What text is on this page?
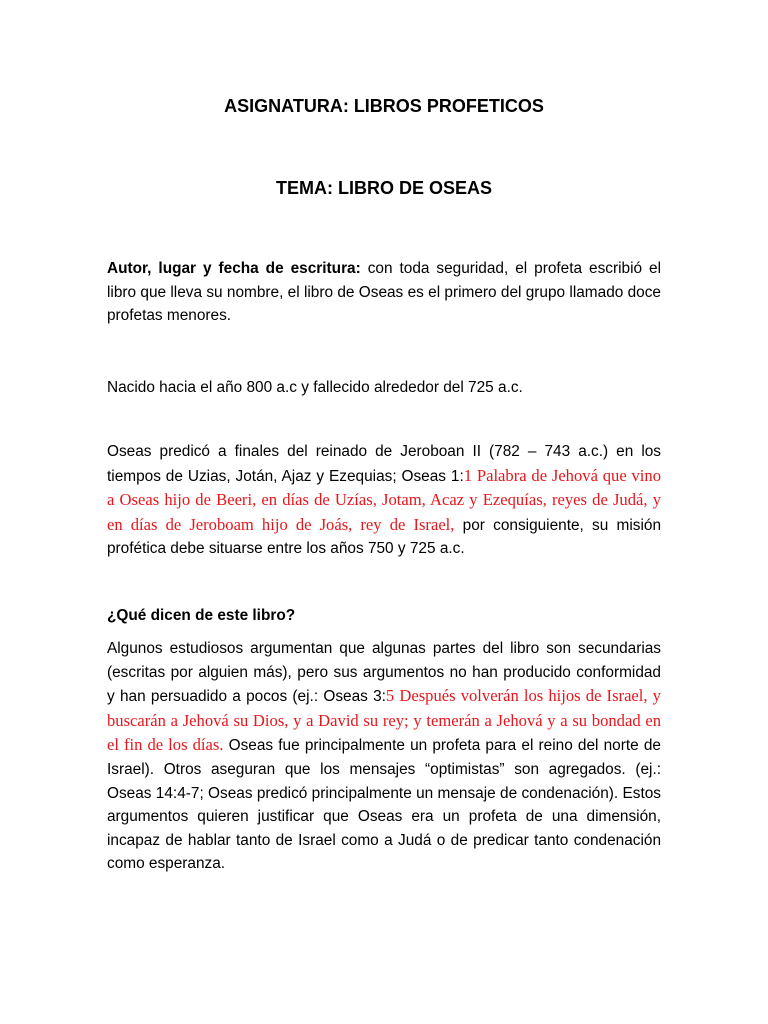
ASIGNATURA: LIBROS PROFETICOS
TEMA: LIBRO DE OSEAS

Autor, lugar y fecha de escritura: con toda seguridad, el profeta escribió el libro que lleva su nombre, el libro de Oseas es el primero del grupo llamado doce profetas menores.

Nacido hacia el año 800 a.c y fallecido alrededor del 725 a.c.

Oseas predicó a finales del reinado de Jeroboan II (782 – 743 a.c.) en los tiempos de Uzias, Jotán, Ajaz y Ezequias; Oseas 1:1 Palabra de Jehová que vino a Oseas hijo de Beeri, en días de Uzías, Jotam, Acaz y Ezequías, reyes de Judá, y en días de Jeroboam hijo de Joás, rey de Israel, por consiguiente, su misión profética debe situarse entre los años 750 y 725 a.c.

¿Qué dicen de este libro?

Algunos estudiosos argumentan que algunas partes del libro son secundarias (escritas por alguien más), pero sus argumentos no han producido conformidad y han persuadido a pocos (ej.: Oseas 3:5 Después volverán los hijos de Israel, y buscarán a Jehová su Dios, y a David su rey; y temerán a Jehová y a su bondad en el fin de los días. Oseas fue principalmente un profeta para el reino del norte de Israel). Otros aseguran que los mensajes “optimistas” son agregados. (ej.: Oseas 14:4-7; Oseas predicó principalmente un mensaje de condenación). Estos argumentos quieren justificar que Oseas era un profeta de una dimensión, incapaz de hablar tanto de Israel como a Judá o de predicar tanto condenación como esperanza.
